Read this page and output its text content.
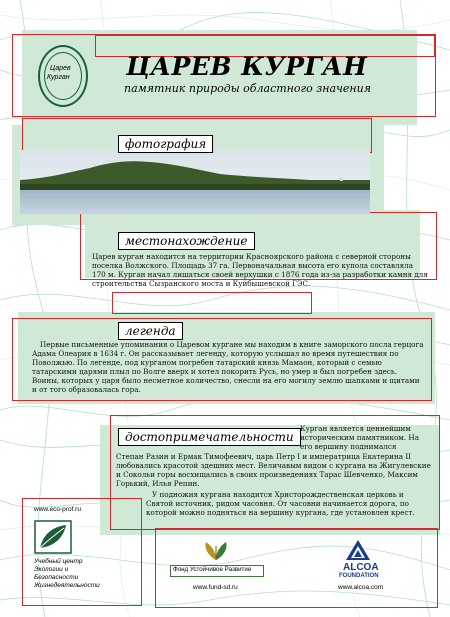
Царев
Курган ЦАРЕВ КУРГАН
памятник природы областного значения
фотография
местонахождение
Царев курган находится на территории Красноярского района с северной стороны поселка Волжского. Площадь 37 га. Первоначальная высота его купола составляла 170 м. Курган начал лишаться своей верхушки с 1876 года из-за разработки камня для строительства Сызранского моста и Куйбышевской ГЭС.
легенда
Первые письменные упоминания о Царевом кургане мы находим в книге заморского посла герцога Адама Олеария в 1634 г. Он рассказывает легенду, которую услышал во время путешествия по Поволжью. По легенде, под курганом погребен татарский князь Мамаон, который с семью татарскими царями плыл по Волге вверх и хотел покорить Русь, но умер и был погребен здесь. Воины, которых у царя было несметное количество, снесли на его могилу землю шапками и щитами и от того образовалась гора.
достопримечательности
Курган является ценнейшим историческим памятником. На его вершину поднимался
Степан Разин и Ермак Тимофеевич, царь Петр I и императрица Екатерина II любовались красотой здешних мест. Величавым видом с кургана на Жигулевские и Сокольи горы восхищались в своих произведениях Тарас Шевченко, Максим Горький, Илья Репин.
У подножия кургана находится Христорождественская церковь и Святой источник, ридом часовня. От часовни начинается дорога, по которой можно подняться на вершину кургана, где установлен крест.
www.eco-prof.ru
Учебный центр
Экологии и
Безопасности
Жизнедеятельности
Фонд Устойчивое Развитие
www.fund-sd.ru
ALCOA
FOUNDATION
www.alcoa.com
